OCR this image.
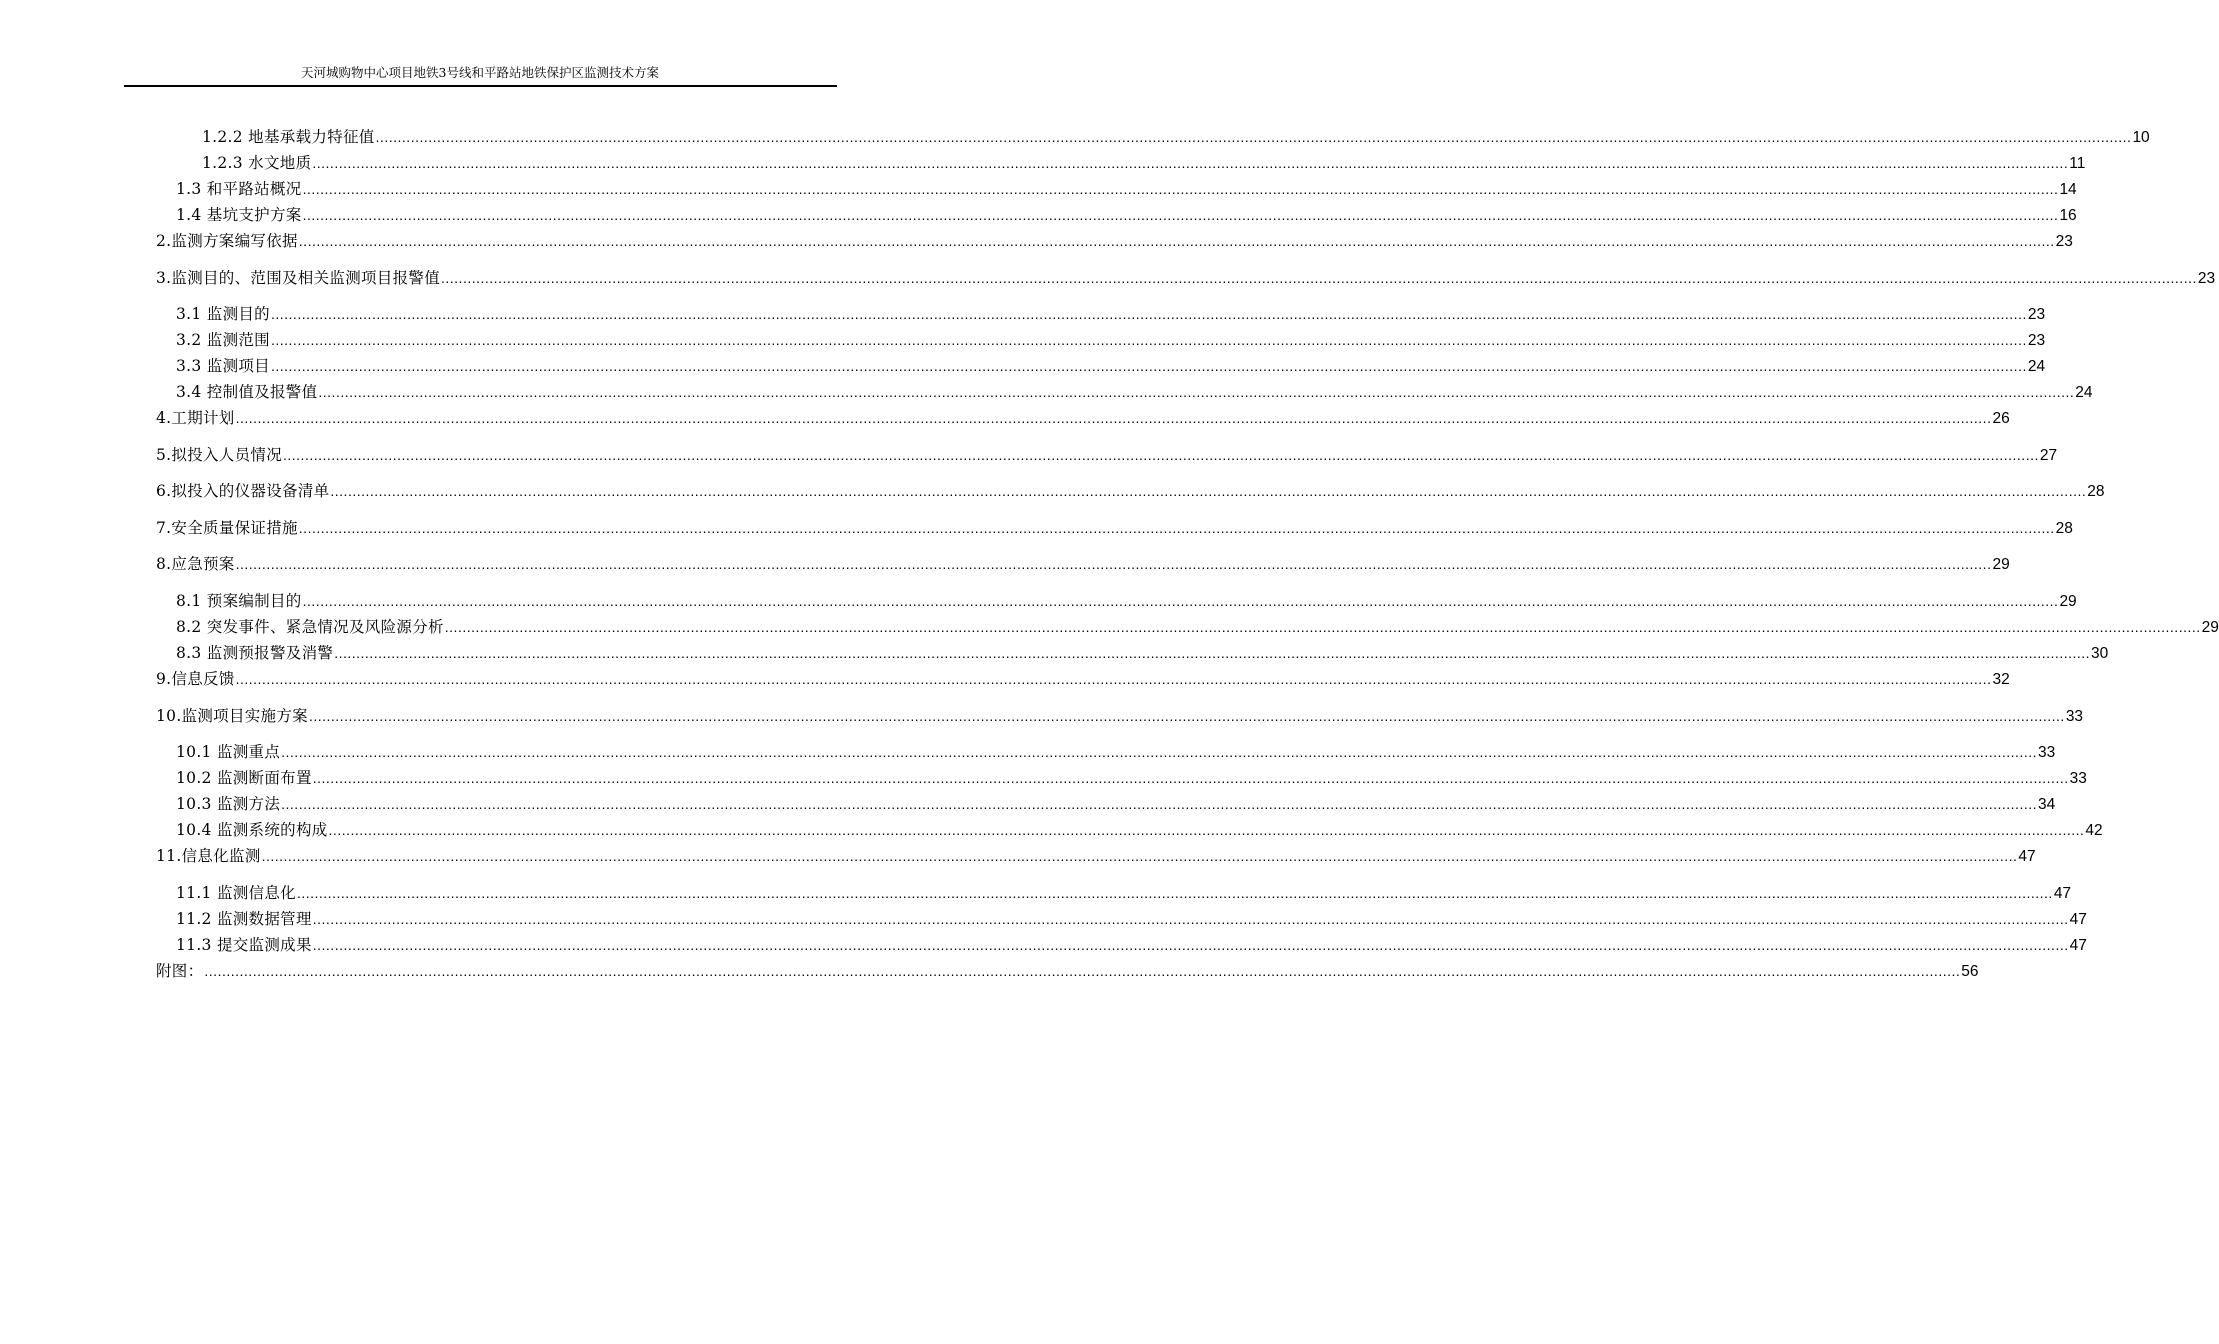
天河城购物中心项目地铁3号线和平路站地铁保护区监测技术方案
1.2.2 地基承载力特征值 ................................................................................................................................................................................................................................................................................................................................................................................................................ 10
1.2.3 水文地质 ................................................................................................................................................................................................................................................................................................................................................................................................................ 11
1.3 和平路站概况 ................................................................................................................................................................................................................................................................................................................................................................................................................ 14
1.4 基坑支护方案 ................................................................................................................................................................................................................................................................................................................................................................................................................ 16
2.监测方案编写依据 ................................................................................................................................................................................................................................................................................................................................................................................................................ 23
3.监测目的、范围及相关监测项目报警值 ................................................................................................................................................................................................................................................................................................................................................................................................................ 23
3.1 监测目的 ................................................................................................................................................................................................................................................................................................................................................................................................................ 23
3.2 监测范围 ................................................................................................................................................................................................................................................................................................................................................................................................................ 23
3.3 监测项目 ................................................................................................................................................................................................................................................................................................................................................................................................................ 24
3.4 控制值及报警值 ................................................................................................................................................................................................................................................................................................................................................................................................................ 24
4.工期计划 ................................................................................................................................................................................................................................................................................................................................................................................................................ 26
5.拟投入人员情况 ................................................................................................................................................................................................................................................................................................................................................................................................................ 27
6.拟投入的仪器设备清单 ................................................................................................................................................................................................................................................................................................................................................................................................................ 28
7.安全质量保证措施 ................................................................................................................................................................................................................................................................................................................................................................................................................ 28
8.应急预案 ................................................................................................................................................................................................................................................................................................................................................................................................................ 29
8.1 预案编制目的 ................................................................................................................................................................................................................................................................................................................................................................................................................ 29
8.2 突发事件、紧急情况及风险源分析 ................................................................................................................................................................................................................................................................................................................................................................................................................ 29
8.3 监测预报警及消警 ................................................................................................................................................................................................................................................................................................................................................................................................................ 30
9.信息反馈 ................................................................................................................................................................................................................................................................................................................................................................................................................ 32
10.监测项目实施方案 ................................................................................................................................................................................................................................................................................................................................................................................................................ 33
10.1 监测重点 ................................................................................................................................................................................................................................................................................................................................................................................................................ 33
10.2 监测断面布置 ................................................................................................................................................................................................................................................................................................................................................................................................................ 33
10.3 监测方法 ................................................................................................................................................................................................................................................................................................................................................................................................................ 34
10.4 监测系统的构成 ................................................................................................................................................................................................................................................................................................................................................................................................................ 42
11.信息化监测 ................................................................................................................................................................................................................................................................................................................................................................................................................ 47
11.1 监测信息化 ................................................................................................................................................................................................................................................................................................................................................................................................................ 47
11.2 监测数据管理 ................................................................................................................................................................................................................................................................................................................................................................................................................ 47
11.3 提交监测成果 ................................................................................................................................................................................................................................................................................................................................................................................................................ 47
附图： ................................................................................................................................................................................................................................................................................................................................................................................................................ 56
